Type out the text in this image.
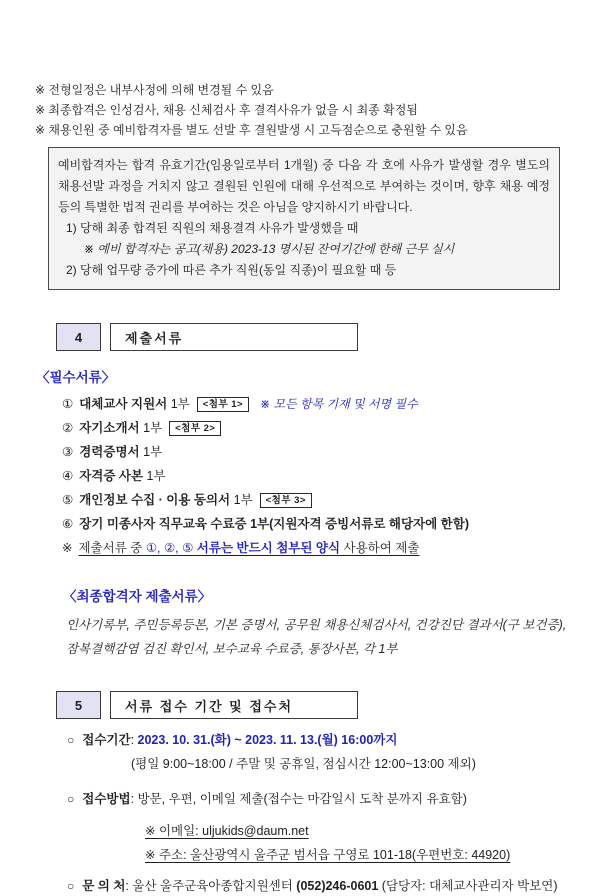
※ 전형일정은 내부사정에 의해 변경될 수 있음
※ 최종합격은 인성검사, 채용 신체검사 후 결격사유가 없을 시 최종 확정됨
※ 채용인원 중 예비합격자를 별도 선발 후 결원발생 시 고득점순으로 충원할 수 있음
예비합격자는 합격 유효기간(임용일로부터 1개월) 중 다음 각 호에 사유가 발생할 경우 별도의 채용선발 과정을 거치지 않고 결원된 인원에 대해 우선적으로 부여하는 것이며, 향후 채용 예정 등의 특별한 법적 권리를 부여하는 것은 아님을 양지하시기 바랍니다.
1) 당해 최종 합격된 직원의 채용결격 사유가 발생했을 때
※ 예비 합격자는 공고(채용) 2023-13 명시된 잔여기간에 한해 근무 실시
2) 당해 업무량 증가에 따른 추가 직원(동일 직종)이 필요할 때 등
4	제출서류
〈필수서류〉
① 대체교사 지원서 1부 <첨부 1> ※ 모든 항목 기재 및 서명 필수
② 자기소개서 1부 <첨부 2>
③ 경력증명서 1부
④ 자격증 사본 1부
⑤ 개인정보 수집 · 이용 동의서 1부 <첨부 3>
⑥ 장기 미종사자 직무교육 수료증 1부(지원자격 증빙서류로 해당자에 한함)
※ 제출서류 중 ①, ②, ⑤ 서류는 반드시 첨부된 양식 사용하여 제출
〈최종합격자 제출서류〉
인사기록부, 주민등록등본, 기본 증명서, 공무원 채용신체검사서, 건강진단 결과서(구 보건증),
잠복결핵감염 검진 확인서, 보수교육 수료증, 통장사본, 각 1부
5	서류 접수 기간 및 접수처
○ 접수기간: 2023. 10. 31.(화) ~ 2023. 11. 13.(월) 16:00까지
(평일 9:00~18:00 / 주말 및 공휴일, 점심시간 12:00~13:00 제외)
○ 접수방법: 방문, 우편, 이메일 제출(접수는 마감일시 도착 분까지 유효함)
※ 이메일: uljukids@daum.net
※ 주소: 울산광역시 울주군 범서읍 구영로 101-18(우편번호: 44920)
○ 문 의 처: 울산 울주군육아종합지원센터 (052)246-0601 (담당자: 대체교사관리자 박보연)
